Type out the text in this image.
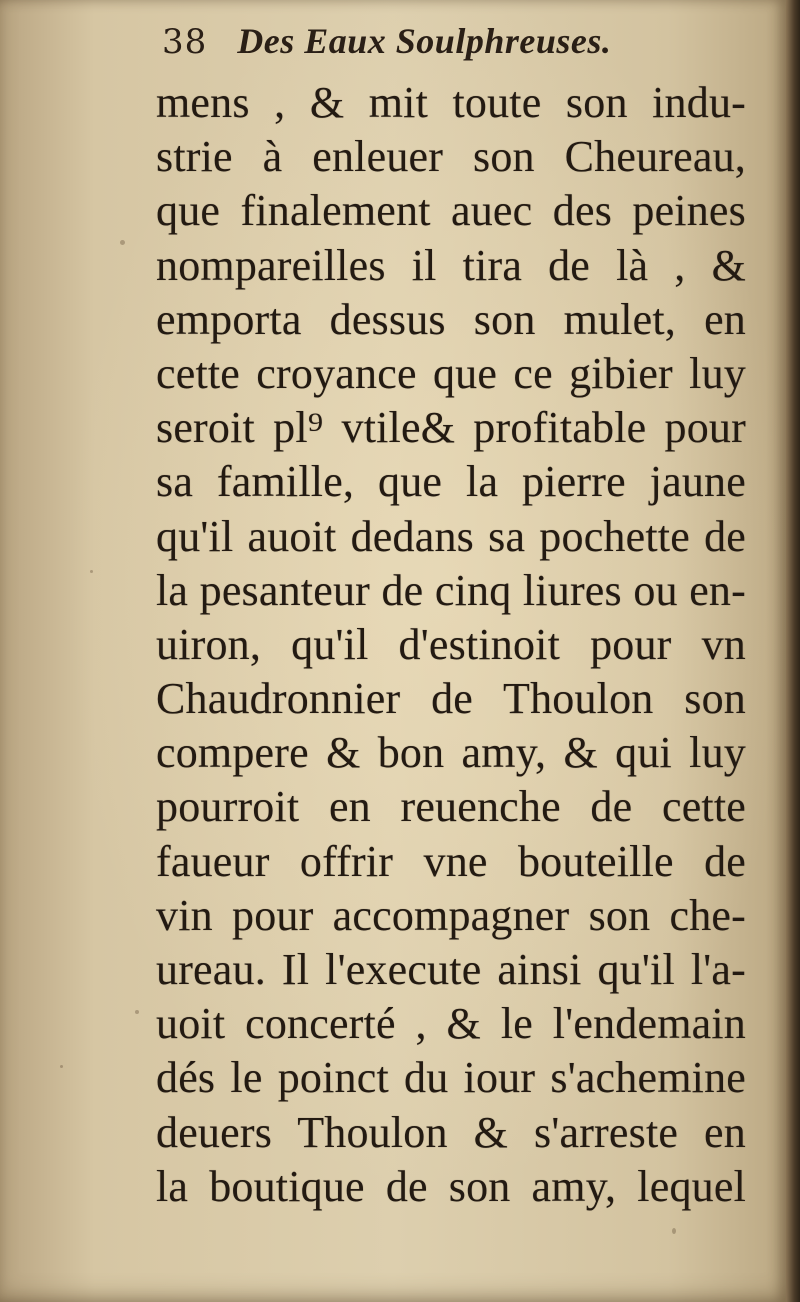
38 Des Eaux Soulphreuses.
mens , & mit toute son indu-
strie à enleuer son Cheureau,
que finalement auec des peines
nompareilles il tira de là , &
emporta dessus son mulet, en
cette croyance que ce gibier luy
seroit pl⁹ vtile& profitable pour
sa famille, que la pierre jaune
qu'il auoit dedans sa pochette de
la pesanteur de cinq liures ou en-
uiron, qu'il d'estinoit pour vn
Chaudronnier de Thoulon son
compere & bon amy, & qui luy
pourroit en reuenche de cette
faueur offrir vne bouteille de
vin pour accompagner son che-
ureau. Il l'execute ainsi qu'il l'a-
uoit concerté , & le l'endemain
dés le poinct du iour s'achemine
deuers Thoulon & s'arreste en
la boutique de son amy, lequel
